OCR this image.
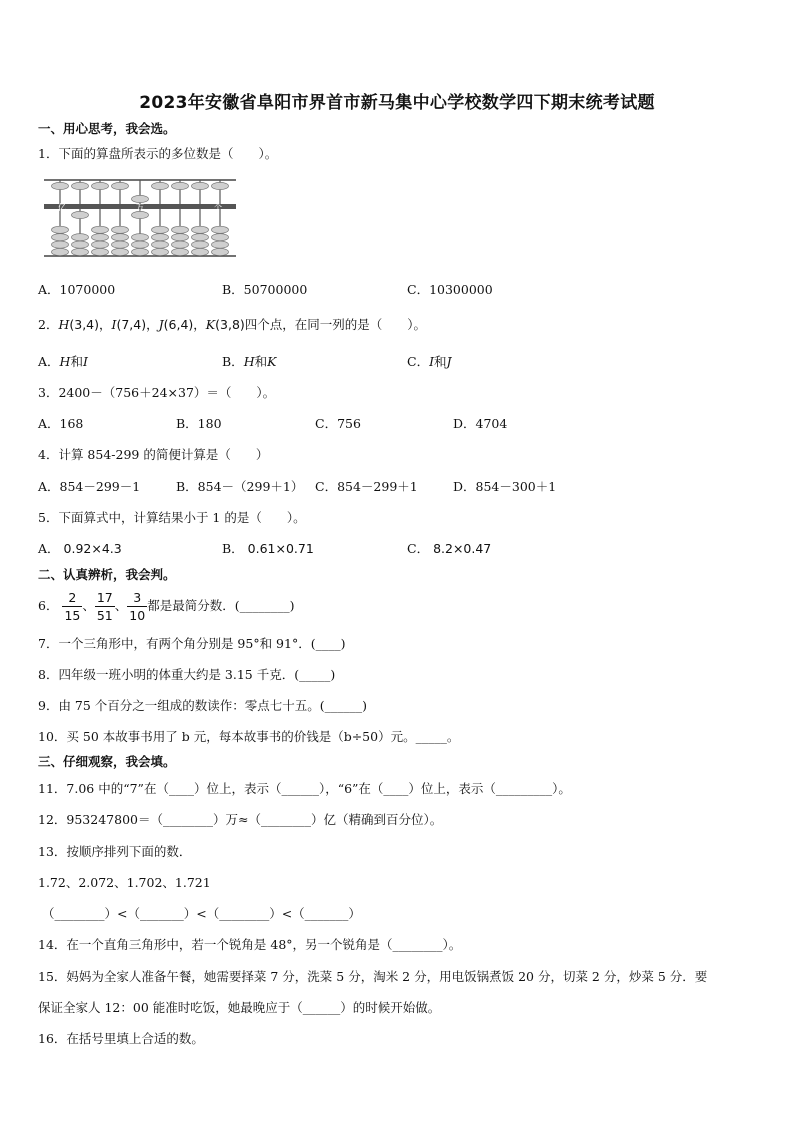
2023年安徽省阜阳市界首市新马集中心学校数学四下期末统考试题
一、用心思考，我会选。
1．下面的算盘所表示的多位数是（　　）。
亿	万	个
A．1070000	B．50700000	C．10300000
2．H(3,4)，I(7,4)，J(6,4)，K(3,8)四个点，在同一列的是（　　）。
A．H和I	B．H和K	C．I和J
3．2400－（756＋24×37）＝（　　）。
A．168	B．180	C．756	D．4704
4．计算 854-299 的简便计算是（　　）
A．854－299－1	B．854－（299＋1） C．854－299＋1	D．854－300＋1
5．下面算式中，计算结果小于 1 的是（　　）。
A． 0.92×4.3	B． 0.61×0.71	C． 8.2×0.47
二、认真辨析，我会判。
6． $\frac{2}{15}$ 、 $\frac{17}{51}$ 、 $\frac{3}{10}$ 都是最简分数．(________)
7．一个三角形中，有两个角分别是 95°和 91°．(____)
8．四年级一班小明的体重大约是 3.15 千克．(_____)
9．由 75 个百分之一组成的数读作：零点七十五。(______)
10．买 50 本故事书用了 b 元，每本故事书的价钱是（b÷50）元。_____。
三、仔细观察，我会填。
11．7.06 中的“7”在（____）位上，表示（______），“6”在（____）位上，表示（_________）。
12．953247800＝（________）万≈（________）亿（精确到百分位）。
13．按顺序排列下面的数．
1.72、2.072、1.702、1.721
（________）<（_______）<（________）<（_______）
14．在一个直角三角形中，若一个锐角是 48°，另一个锐角是（________）。
15．妈妈为全家人准备午餐，她需要择菜 7 分，洗菜 5 分，淘米 2 分，用电饭锅煮饭 20 分，切菜 2 分，炒菜 5 分．要
保证全家人 12：00 能准时吃饭，她最晚应于（______）的时候开始做。
16．在括号里填上合适的数。
